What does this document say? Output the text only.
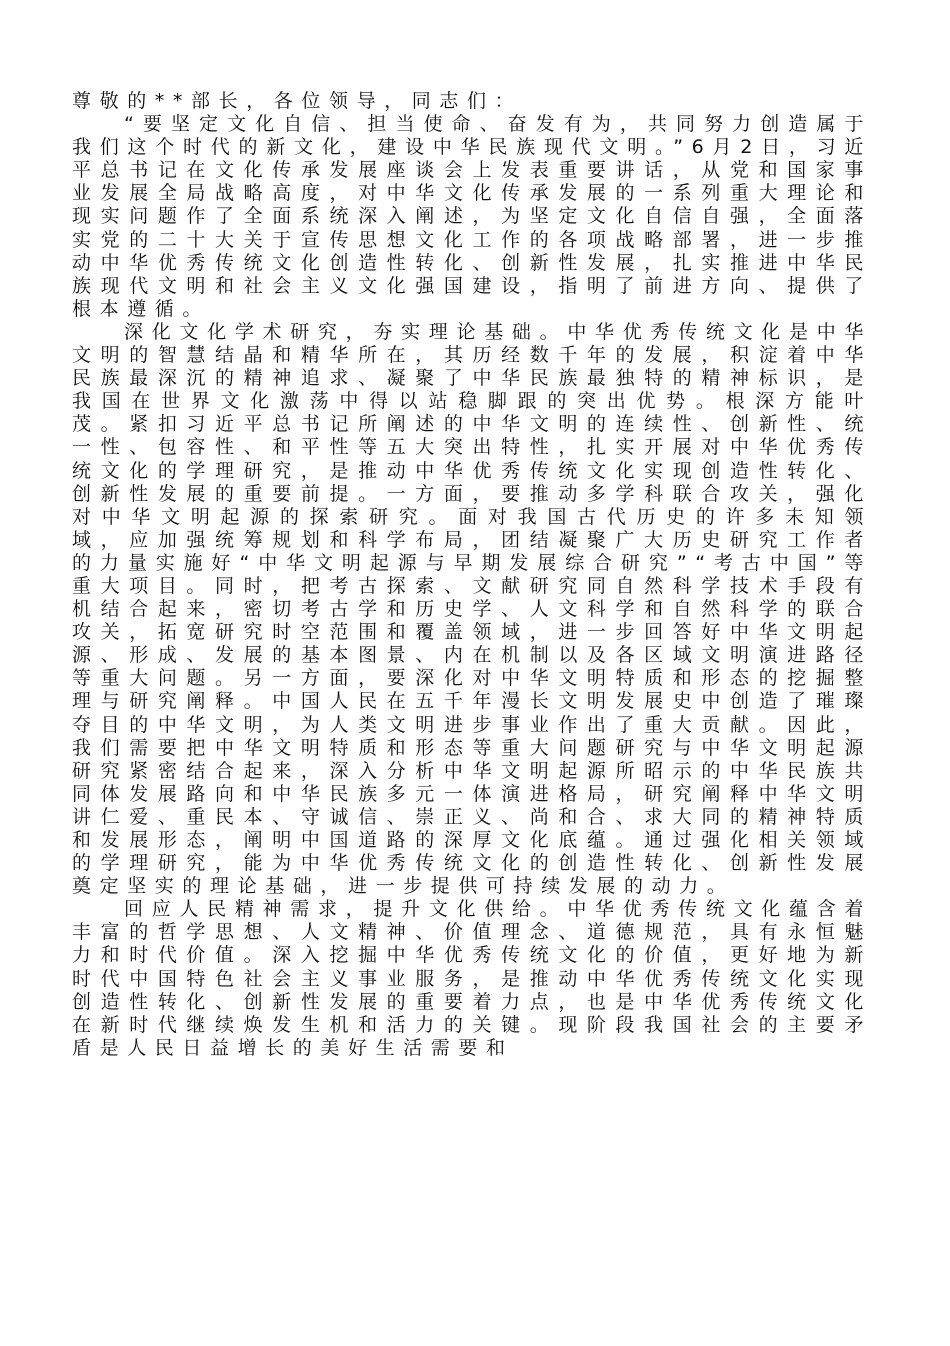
尊敬的**部长，各位领导，同志们：

“要坚定文化自信、担当使命、奋发有为，共同努力创造属于我们这个时代的新文化，建设中华民族现代文明。”6月2日，习近平总书记在文化传承发展座谈会上发表重要讲话，从党和国家事业发展全局战略高度，对中华文化传承发展的一系列重大理论和现实问题作了全面系统深入阐述，为坚定文化自信自强，全面落实党的二十大关于宣传思想文化工作的各项战略部署，进一步推动中华优秀传统文化创造性转化、创新性发展，扎实推进中华民族现代文明和社会主义文化强国建设，指明了前进方向、提供了根本遵循。

深化文化学术研究，夯实理论基础。中华优秀传统文化是中华文明的智慧结晶和精华所在，其历经数千年的发展，积淀着中华民族最深沉的精神追求、凝聚了中华民族最独特的精神标识，是我国在世界文化激荡中得以站稳脚跟的突出优势。根深方能叶茂。紧扣习近平总书记所阐述的中华文明的连续性、创新性、统一性、包容性、和平性等五大突出特性，扎实开展对中华优秀传统文化的学理研究，是推动中华优秀传统文化实现创造性转化、创新性发展的重要前提。一方面，要推动多学科联合攻关，强化对中华文明起源的探索研究。面对我国古代历史的许多未知领域，应加强统筹规划和科学布局，团结凝聚广大历史研究工作者的力量实施好“中华文明起源与早期发展综合研究”“考古中国”等重大项目。同时，把考古探索、文献研究同自然科学技术手段有机结合起来，密切考古学和历史学、人文科学和自然科学的联合攻关，拓宽研究时空范围和覆盖领域，进一步回答好中华文明起源、形成、发展的基本图景、内在机制以及各区域文明演进路径等重大问题。另一方面，要深化对中华文明特质和形态的挖掘整理与研究阐释。中国人民在五千年漫长文明发展史中创造了璀璨夺目的中华文明，为人类文明进步事业作出了重大贡献。因此，我们需要把中华文明特质和形态等重大问题研究与中华文明起源研究紧密结合起来，深入分析中华文明起源所昭示的中华民族共同体发展路向和中华民族多元一体演进格局，研究阐释中华文明讲仁爱、重民本、守诚信、崇正义、尚和合、求大同的精神特质和发展形态，阐明中国道路的深厚文化底蕴。通过强化相关领域的学理研究，能为中华优秀传统文化的创造性转化、创新性发展奠定坚实的理论基础，进一步提供可持续发展的动力。

回应人民精神需求，提升文化供给。中华优秀传统文化蕴含着丰富的哲学思想、人文精神、价值理念、道德规范，具有永恒魅力和时代价值。深入挖掘中华优秀传统文化的价值，更好地为新时代中国特色社会主义事业服务，是推动中华优秀传统文化实现创造性转化、创新性发展的重要着力点，也是中华优秀传统文化在新时代继续焕发生机和活力的关键。现阶段我国社会的主要矛盾是人民日益增长的美好生活需要和
